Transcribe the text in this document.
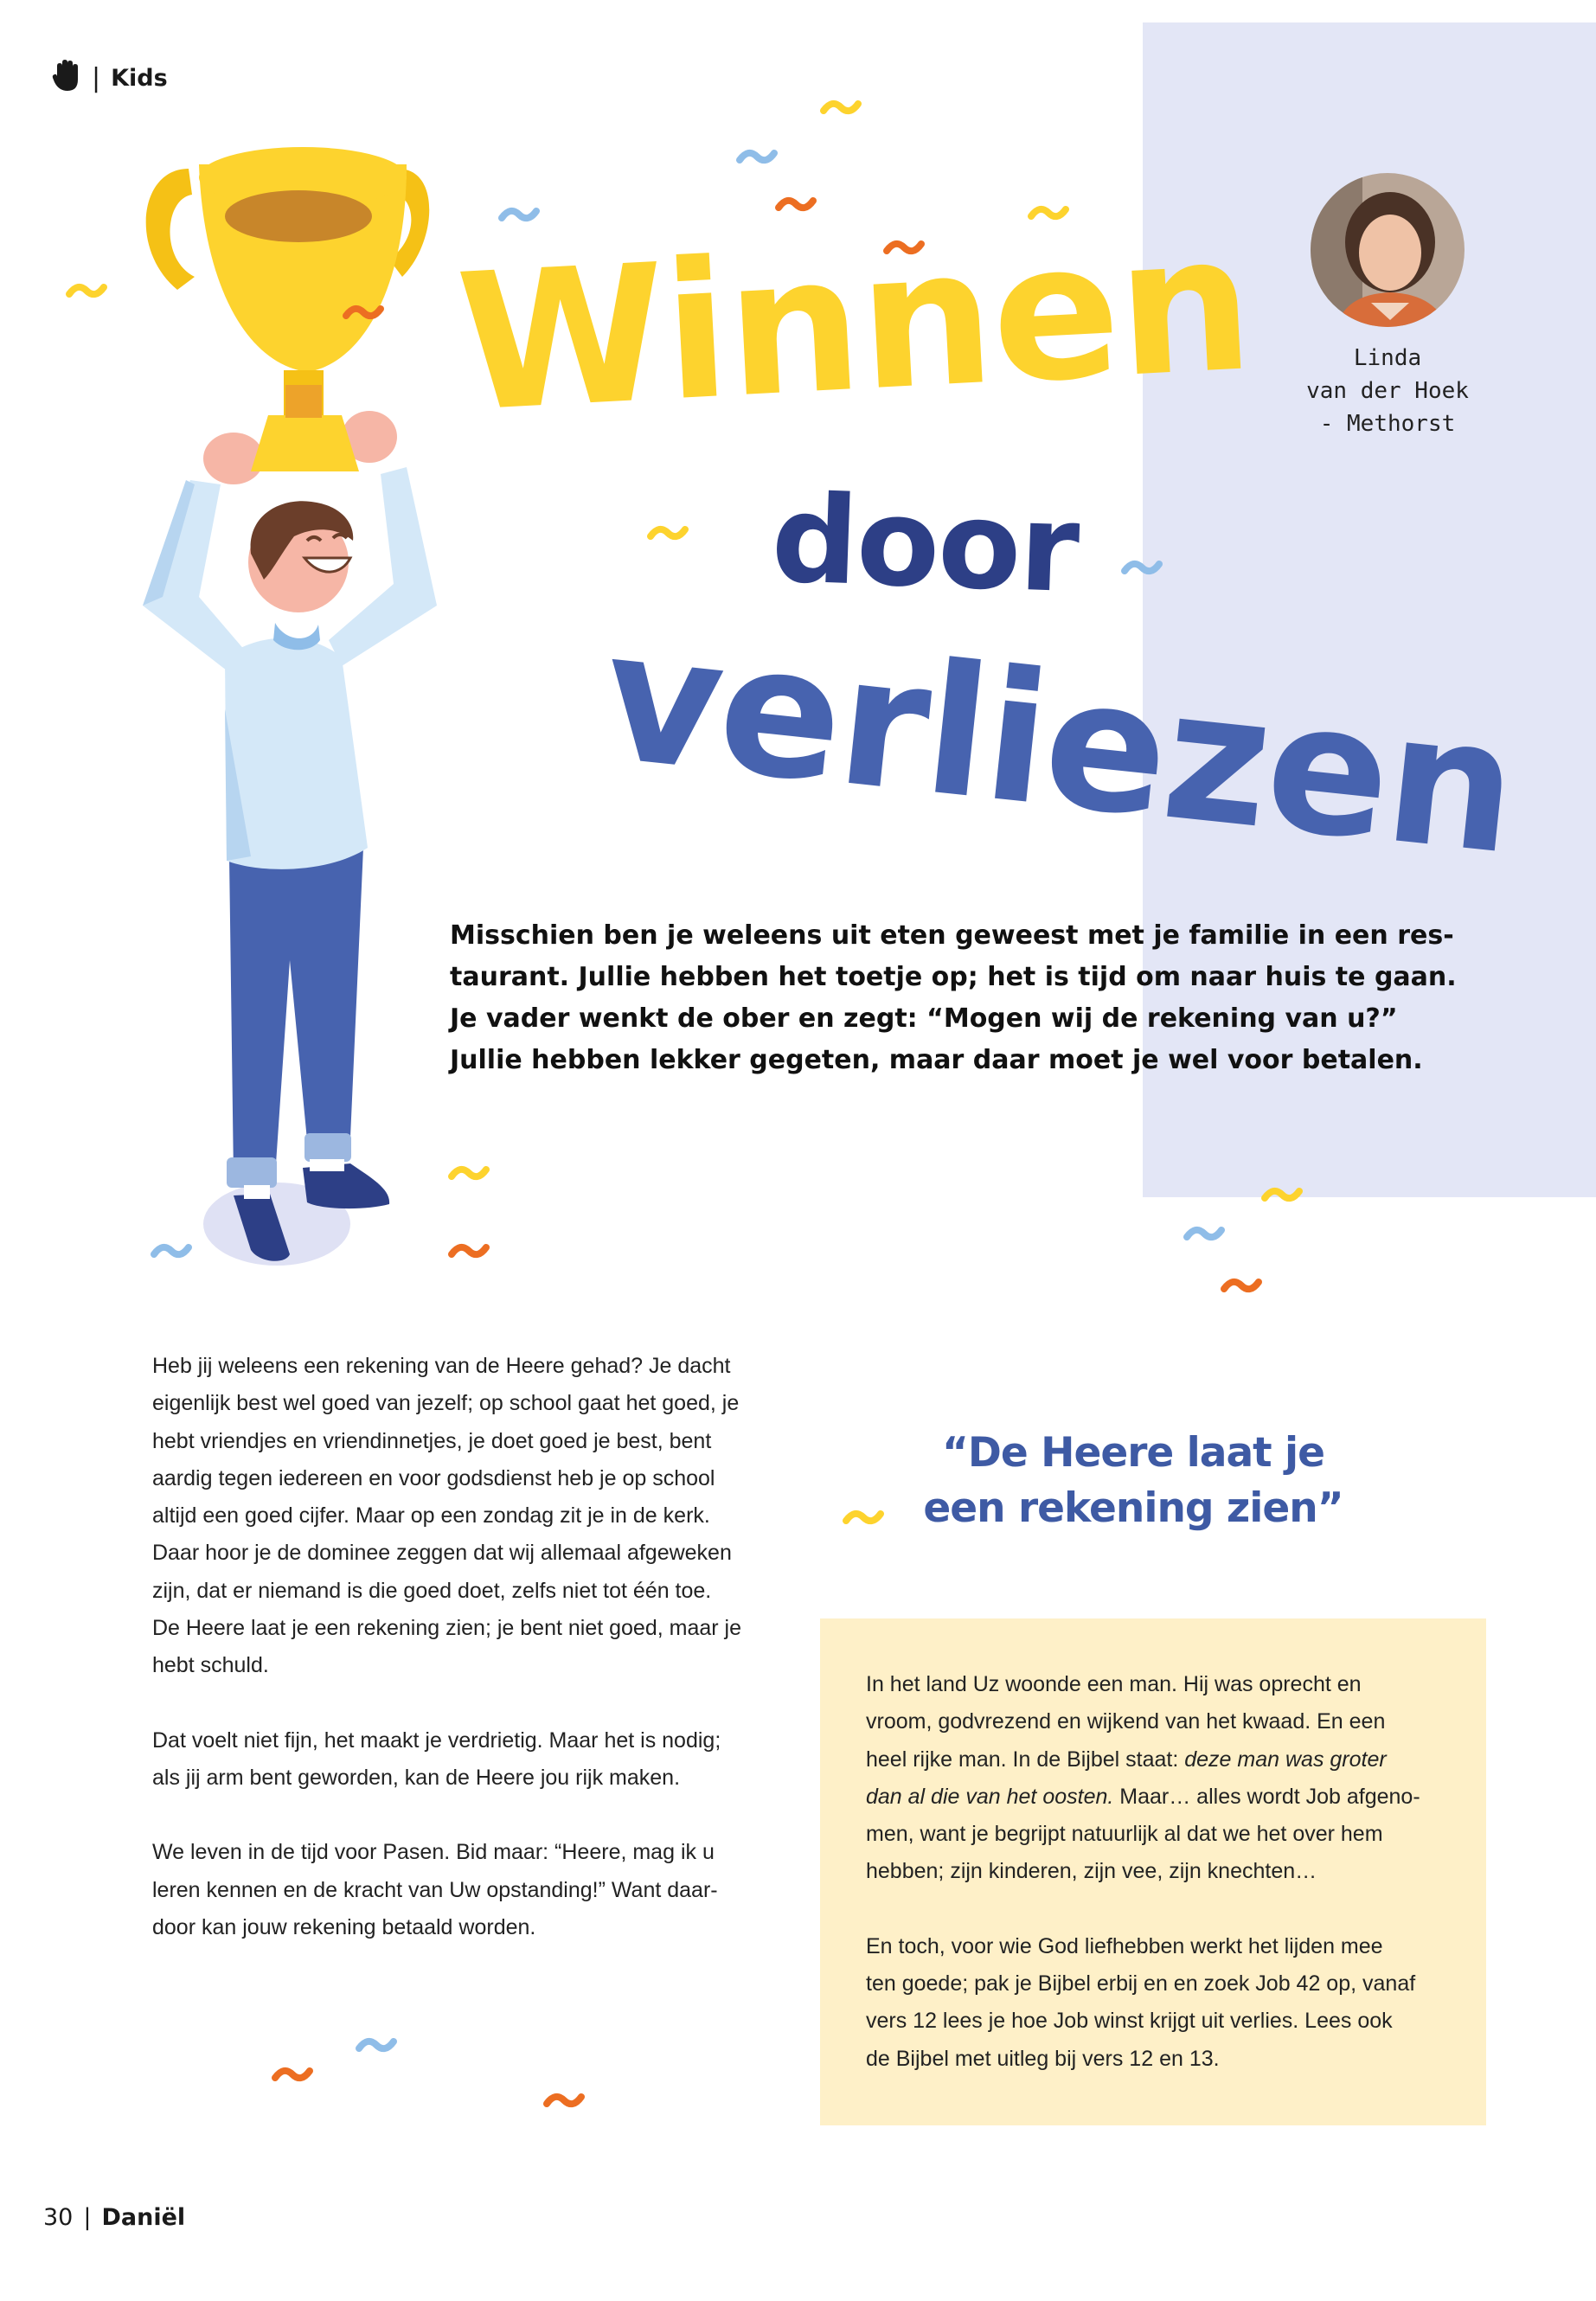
| Kids
Winnen
door
verliezen
Linda
van der Hoek
- Methorst
Misschien ben je weleens uit eten geweest met je familie in een res-
taurant. Jullie hebben het toetje op; het is tijd om naar huis te gaan.
Je vader wenkt de ober en zegt: “Mogen wij de rekening van u?”
Jullie hebben lekker gegeten, maar daar moet je wel voor betalen.

Heb jij weleens een rekening van de Heere gehad? Je dacht
eigenlijk best wel goed van jezelf; op school gaat het goed, je
hebt vriendjes en vriendinnetjes, je doet goed je best, bent
aardig tegen iedereen en voor godsdienst heb je op school
altijd een goed cijfer. Maar op een zondag zit je in de kerk.
Daar hoor je de dominee zeggen dat wij allemaal afgeweken
zijn, dat er niemand is die goed doet, zelfs niet tot één toe.
De Heere laat je een rekening zien; je bent niet goed, maar je
hebt schuld.

Dat voelt niet fijn, het maakt je verdrietig. Maar het is nodig;
als jij arm bent geworden, kan de Heere jou rijk maken.

We leven in de tijd voor Pasen. Bid maar: “Heere, mag ik u
leren kennen en de kracht van Uw opstanding!” Want daar-
door kan jouw rekening betaald worden.

“De Heere laat je
een rekening zien”
In het land Uz woonde een man. Hij was oprecht en
vroom, godvrezend en wijkend van het kwaad. En een
heel rijke man. In de Bijbel staat: deze man was groter
dan al die van het oosten. Maar… alles wordt Job afgeno-
men, want je begrijpt natuurlijk al dat we het over hem
hebben; zijn kinderen, zijn vee, zijn knechten…
En toch, voor wie God liefhebben werkt het lijden mee
ten goede; pak je Bijbel erbij en en zoek Job 42 op, vanaf
vers 12 lees je hoe Job winst krijgt uit verlies. Lees ook
de Bijbel met uitleg bij vers 12 en 13.
30 | Daniël
